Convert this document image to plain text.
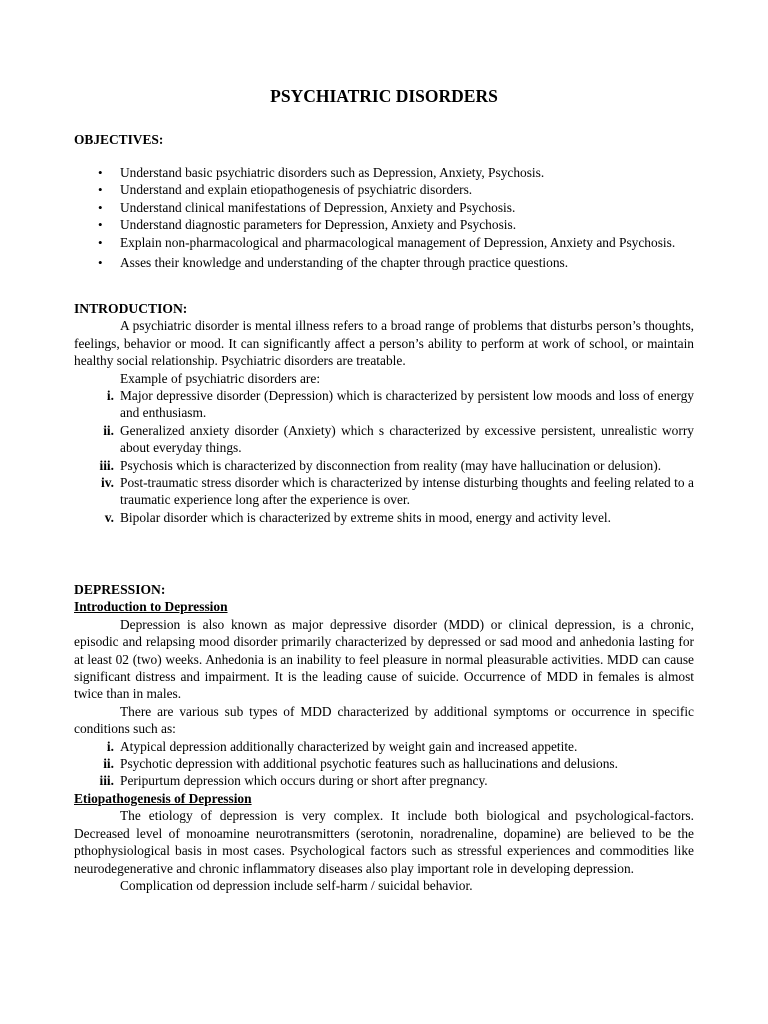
PSYCHIATRIC DISORDERS
OBJECTIVES:
• Understand basic psychiatric disorders such as Depression, Anxiety, Psychosis.
• Understand and explain etiopathogenesis of psychiatric disorders.
• Understand clinical manifestations of Depression, Anxiety and Psychosis.
• Understand diagnostic parameters for Depression, Anxiety and Psychosis.
• Explain non-pharmacological and pharmacological management of Depression, Anxiety and Psychosis.
• Asses their knowledge and understanding of the chapter through practice questions.
INTRODUCTION:

A psychiatric disorder is mental illness refers to a broad range of problems that disturbs person’s thoughts, feelings, behavior or mood. It can significantly affect a person’s ability to perform at work of school, or maintain healthy social relationship. Psychiatric disorders are treatable.

Example of psychiatric disorders are:

i. Major depressive disorder (Depression) which is characterized by persistent low moods and loss of energy and enthusiasm.
ii. Generalized anxiety disorder (Anxiety) which s characterized by excessive persistent, unrealistic worry about everyday things.
iii. Psychosis which is characterized by disconnection from reality (may have hallucination or delusion).
iv. Post-traumatic stress disorder which is characterized by intense disturbing thoughts and feeling related to a traumatic experience long after the experience is over.
v. Bipolar disorder which is characterized by extreme shits in mood, energy and activity level.
DEPRESSION:
Introduction to Depression

Depression is also known as major depressive disorder (MDD) or clinical depression, is a chronic, episodic and relapsing mood disorder primarily characterized by depressed or sad mood and anhedonia lasting for at least 02 (two) weeks. Anhedonia is an inability to feel pleasure in normal pleasurable activities. MDD can cause significant distress and impairment. It is the leading cause of suicide. Occurrence of MDD in females is almost twice than in males.

There are various sub types of MDD characterized by additional symptoms or occurrence in specific conditions such as:

i. Atypical depression additionally characterized by weight gain and increased appetite.
ii. Psychotic depression with additional psychotic features such as hallucinations and delusions.
iii. Peripurtum depression which occurs during or short after pregnancy.
Etiopathogenesis of Depression

The etiology of depression is very complex. It include both biological and psychological-factors. Decreased level of monoamine neurotransmitters (serotonin, noradrenaline, dopamine) are believed to be the pthophysiological basis in most cases. Psychological factors such as stressful experiences and commodities like neurodegenerative and chronic inflammatory diseases also play important role in developing depression.

Complication od depression include self-harm / suicidal behavior.
